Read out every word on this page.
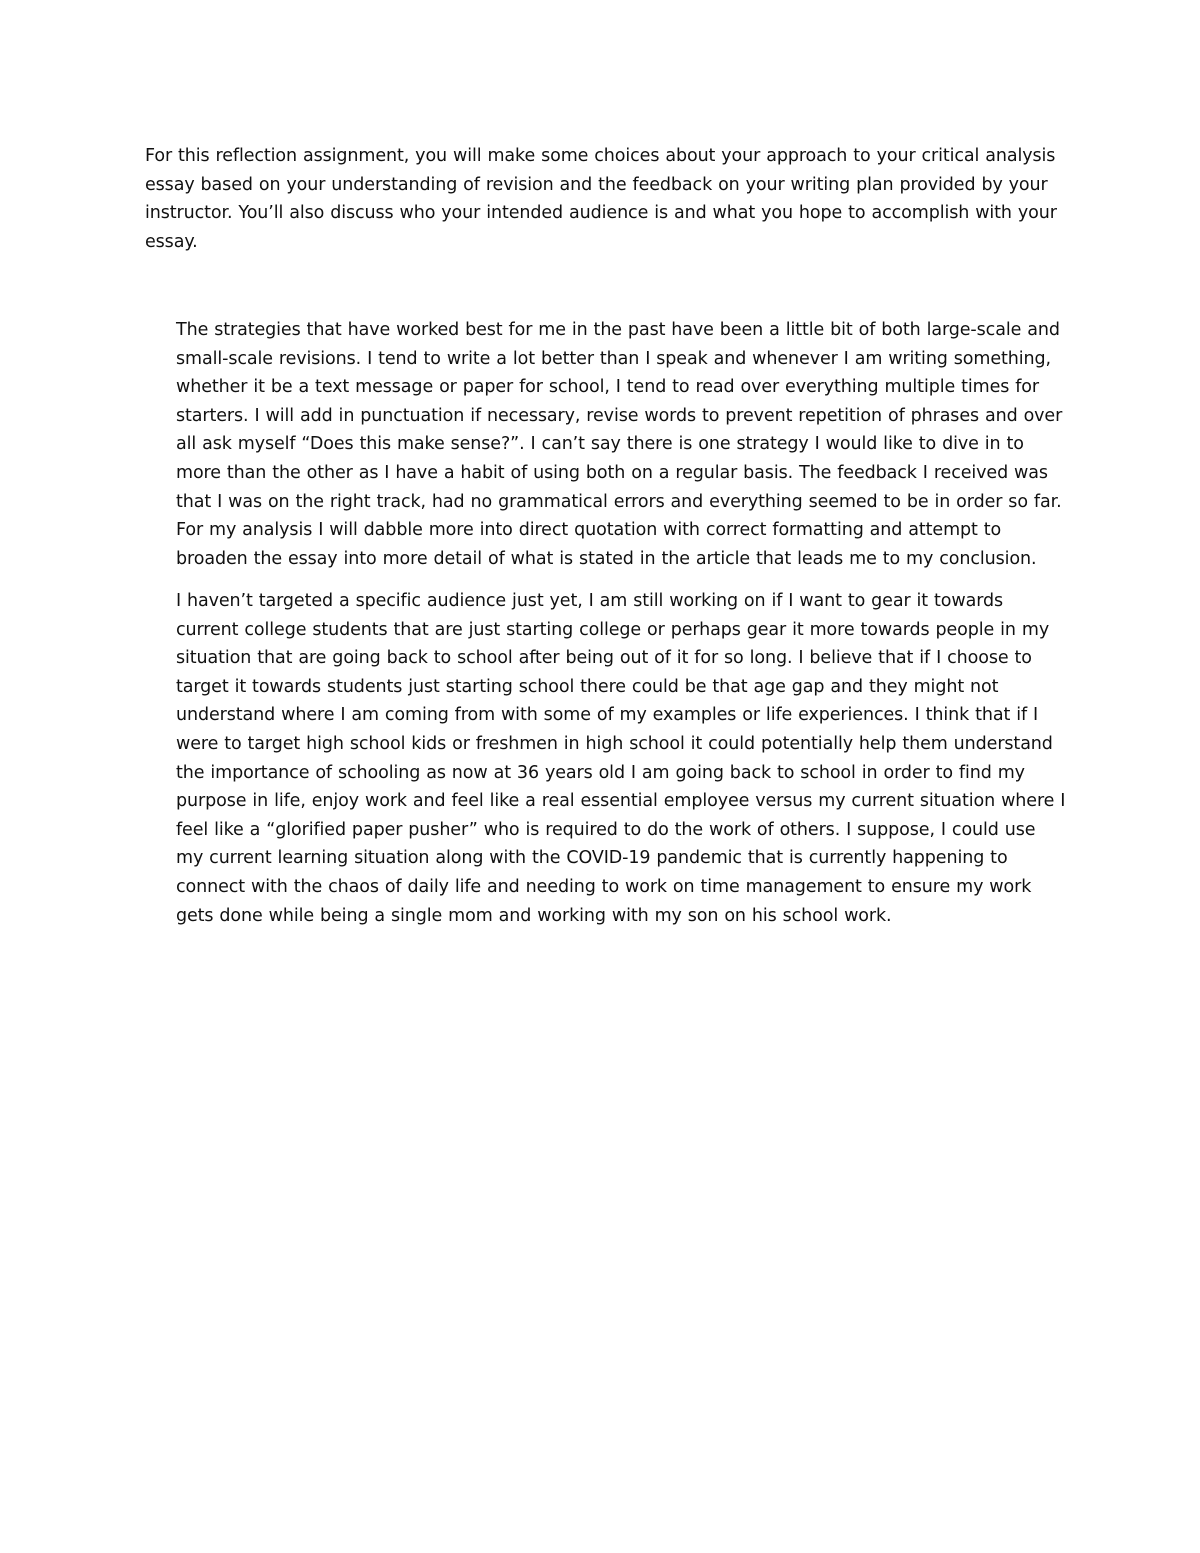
For this reflection assignment, you will make some choices about your approach to your critical analysis essay based on your understanding of revision and the feedback on your writing plan provided by your instructor. You’ll also discuss who your intended audience is and what you hope to accomplish with your essay.

The strategies that have worked best for me in the past have been a little bit of both large-scale and small-scale revisions. I tend to write a lot better than I speak and whenever I am writing something, whether it be a text message or paper for school, I tend to read over everything multiple times for starters. I will add in punctuation if necessary, revise words to prevent repetition of phrases and over all ask myself “Does this make sense?”. I can’t say there is one strategy I would like to dive in to more than the other as I have a habit of using both on a regular basis. The feedback I received was that I was on the right track, had no grammatical errors and everything seemed to be in order so far. For my analysis I will dabble more into direct quotation with correct formatting and attempt to broaden the essay into more detail of what is stated in the article that leads me to my conclusion.

I haven’t targeted a specific audience just yet, I am still working on if I want to gear it towards current college students that are just starting college or perhaps gear it more towards people in my situation that are going back to school after being out of it for so long. I believe that if I choose to target it towards students just starting school there could be that age gap and they might not understand where I am coming from with some of my examples or life experiences. I think that if I were to target high school kids or freshmen in high school it could potentially help them understand the importance of schooling as now at 36 years old I am going back to school in order to find my purpose in life, enjoy work and feel like a real essential employee versus my current situation where I feel like a “glorified paper pusher” who is required to do the work of others. I suppose, I could use my current learning situation along with the COVID-19 pandemic that is currently happening to connect with the chaos of daily life and needing to work on time management to ensure my work gets done while being a single mom and working with my son on his school work.
